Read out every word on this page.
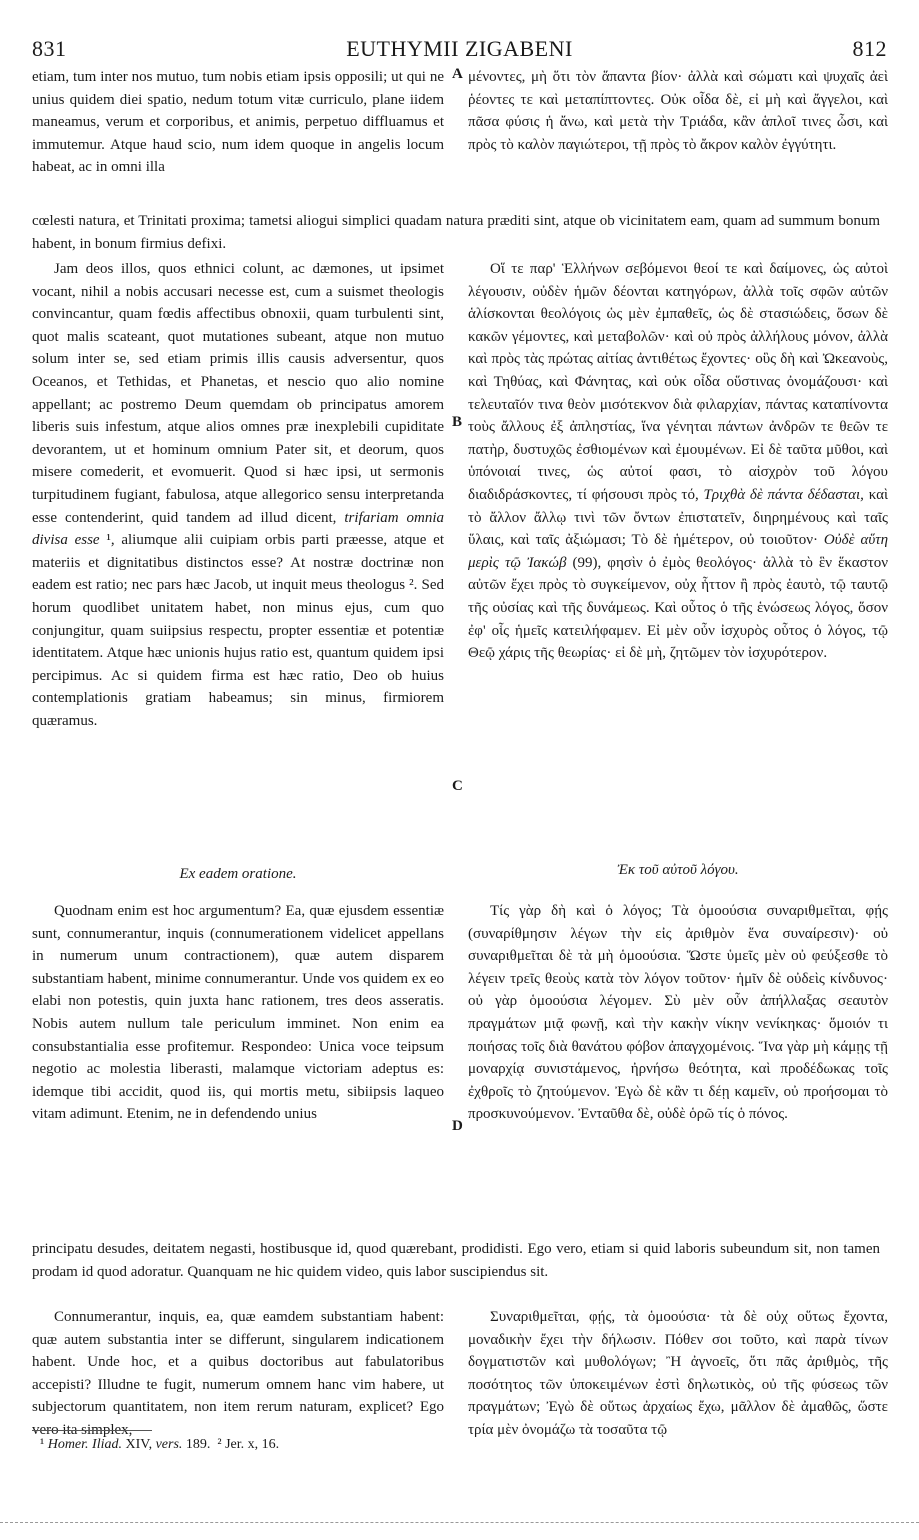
831	EUTHYMII ZIGABENI	812

etiam, tum inter nos mutuo, tum nobis etiam ipsis opposili; ut qui ne unius quidem diei spatio, nedum totum vitæ curriculo, plane iidem maneamus, verum et corporibus, et animis, perpetuo diffluamus et immutemur. Atque haud scio, num idem quoque in angelis locum habeat, ac in omni illa

A μένοντες, μὴ ὅτι τὸν ἅπαντα βίον· ἀλλὰ καὶ σώματι καὶ ψυχαῖς ἀεὶ ῥέοντες τε καὶ μεταπίπτοντες. Οὐκ οἶδα δὲ, εἰ μὴ καὶ ἄγγελοι, καὶ πᾶσα φύσις ἡ ἄνω, καὶ μετὰ τὴν Τριάδα, κἂν ἁπλοῖ τινες ὦσι, καὶ πρὸς τὸ καλὸν παγιώτεροι, τῇ πρὸς τὸ ἄκρον καλὸν ἐγγύτητι.

cœlesti natura, et Trinitati proxima; tametsi aliogui simplici quadam natura præditi sint, atque ob vicinitatem eam, quam ad summum bonum habent, in bonum firmius defixi.

Jam deos illos, quos ethnici colunt, ac dæmones, ut ipsimet vocant, nihil a nobis accusari necesse est, cum a suismet theologis convincantur, quam fœdis affectibus obnoxii, quam turbulenti sint, quot malis scateant, quot mutationes subeant, atque non mutuo solum inter se, sed etiam primis illis causis adversentur, quos Oceanos, et Tethidas, et Phanetas, et nescio quo alio nomine appellant; ac postremo Deum quemdam ob principatus amorem liberis suis infestum, atque alios omnes præ inexplebili cupiditate devorantem, ut et hominum omnium Pater sit, et deorum, quos misere comederit, et evomuerit. Quod si hæc ipsi, ut sermonis turpitudinem fugiant, fabulosa, atque allegorico sensu interpretanda esse contenderint, quid tandem ad illud dicent, trifariam omnia divisa esse ¹, aliumque alii cuipiam orbis parti præesse, atque et materiis et dignitatibus distinctos esse? At nostræ doctrinæ non eadem est ratio; nec pars hæc Jacob, ut inquit meus theologus ². Sed horum quodlibet unitatem habet, non minus ejus, cum quo conjungitur, quam suiipsius respectu, propter essentiæ et potentiæ identitatem. Atque hæc unionis hujus ratio est, quantum quidem ipsi percipimus. Ac si quidem firma est hæc ratio, Deo ob huius contemplationis gratiam habeamus; sin minus, firmiorem quæramus.

B
C

Οἵ τε παρ' Ἑλλήνων σεβόμενοι θεοί τε καὶ δαίμονες, ὡς αὐτοὶ λέγουσιν, οὐδὲν ἡμῶν δέονται κατηγόρων, ἀλλὰ τοῖς σφῶν αὐτῶν ἁλίσκονται θεολόγοις ὡς μὲν ἐμπαθεῖς, ὡς δὲ στασιώδεις, ὅσων δὲ κακῶν γέμοντες, καὶ μεταβολῶν· καὶ οὐ πρὸς ἀλλήλους μόνον, ἀλλὰ καὶ πρὸς τὰς πρώτας αἰτίας ἀντιθέτως ἔχοντες· οὓς δὴ καὶ Ὠκεανοὺς, καὶ Τηθύας, καὶ Φάνητας, καὶ οὐκ οἶδα οὕστινας ὀνομάζουσι· καὶ τελευταῖόν τινα θεὸν μισότεκνον διὰ φιλαρχίαν, πάντας καταπίνοντα τοὺς ἄλλους ἐξ ἀπληστίας, ἵνα γένηται πάντων ἀνδρῶν τε θεῶν τε πατὴρ, δυστυχῶς ἐσθιομένων καὶ ἐμουμένων. Εἰ δὲ ταῦτα μῦθοι, καὶ ὑπόνοιαί τινες, ὡς αὐτοί φασι, τὸ αἰσχρὸν τοῦ λόγου διαδιδράσκοντες, τί φήσουσι πρὸς τό, Τριχθὰ δὲ πάντα δέδασται, καὶ τὸ ἄλλον ἄλλῳ τινὶ τῶν ὄντων ἐπιστατεῖν, διηρημένους καὶ ταῖς ὕλαις, καὶ ταῖς ἀξιώμασι; Τὸ δὲ ἡμέτερον, οὐ τοιοῦτον· Οὐδὲ αὕτη μερὶς τῷ Ἰακώβ (99), φησὶν ὁ ἐμὸς θεολόγος· ἀλλὰ τὸ ἓν ἕκαστον αὐτῶν ἔχει πρὸς τὸ συγκείμενον, οὐχ ἧττον ἢ πρὸς ἑαυτὸ, τῷ ταυτῷ τῆς οὐσίας καὶ τῆς δυνάμεως. Καὶ οὗτος ὁ τῆς ἑνώσεως λόγος, ὅσον ἐφ' οἷς ἡμεῖς κατειλήφαμεν. Εἰ μὲν οὖν ἰσχυρὸς οὗτος ὁ λόγος, τῷ Θεῷ χάρις τῆς θεωρίας· εἰ δὲ μὴ, ζητῶμεν τὸν ἰσχυρότερον.

Ex eadem oratione.	Ἐκ τοῦ αὐτοῦ λόγου.

Quodnam enim est hoc argumentum? Ea, quæ ejusdem essentiæ sunt, connumerantur, inquis (connumerationem videlicet appellans in numerum unum contractionem), quæ autem disparem substantiam habent, minime connumerantur. Unde vos quidem ex eo elabi non potestis, quin juxta hanc rationem, tres deos asseratis. Nobis autem nullum tale periculum imminet. Non enim ea consubstantialia esse profitemur. Respondeo: Unica voce teipsum negotio ac molestia liberasti, malamque victoriam adeptus es: idemque tibi accidit, quod iis, qui mortis metu, sibiipsis laqueo vitam adimunt. Etenim, ne in defendendo unius

D

Τίς γὰρ δὴ καὶ ὁ λόγος; Τὰ ὁμοούσια συναριθμεῖται, φῄς (συναρίθμησιν λέγων τὴν εἰς ἀριθμὸν ἕνα συναίρεσιν)· οὐ συναριθμεῖται δὲ τὰ μὴ ὁμοούσια. Ὥστε ὑμεῖς μὲν οὐ φεύξεσθε τὸ λέγειν τρεῖς θεοὺς κατὰ τὸν λόγον τοῦτον· ἡμῖν δὲ οὐδεὶς κίνδυνος· οὐ γὰρ ὁμοούσια λέγομεν. Σὺ μὲν οὖν ἀπήλλαξας σεαυτὸν πραγμάτων μιᾷ φωνῇ, καὶ τὴν κακὴν νίκην νενίκηκας· ὅμοιόν τι ποιήσας τοῖς διὰ θανάτου φόβον ἀπαγχομένοις. Ἵνα γὰρ μὴ κάμῃς τῇ μοναρχίᾳ συνιστάμενος, ἠρνήσω θεότητα, καὶ προδέδωκας τοῖς ἐχθροῖς τὸ ζητούμενον. Ἐγὼ δὲ κἂν τι δέῃ καμεῖν, οὐ προήσομαι τὸ προσκυνούμενον. Ἐνταῦθα δὲ, οὐδὲ ὁρῶ τίς ὁ πόνος.

principatu desudes, deitatem negasti, hostibusque id, quod quærebant, prodidisti. Ego vero, etiam si quid laboris subeundum sit, non tamen prodam id quod adoratur. Quanquam ne hic quidem video, quis labor suscipiendus sit.

Connumerantur, inquis, ea, quæ eamdem substantiam habent: quæ autem substantia inter se differunt, singularem indicationem habent. Unde hoc, et a quibus doctoribus aut fabulatoribus accepisti? Illudne te fugit, numerum omnem hanc vim habere, ut subjectorum quantitatem, non item rerum naturam, explicet? Ego vero ita simplex,

Συναριθμεῖται, φῄς, τὰ ὁμοούσια· τὰ δὲ οὐχ οὕτως ἔχοντα, μοναδικὴν ἔχει τὴν δήλωσιν. Πόθεν σοι τοῦτο, καὶ παρὰ τίνων δογματιστῶν καὶ μυθολόγων; Ἢ ἀγνοεῖς, ὅτι πᾶς ἀριθμὸς, τῆς ποσότητος τῶν ὑποκειμένων ἐστὶ δηλωτικὸς, οὐ τῆς φύσεως τῶν πραγμάτων; Ἐγὼ δὲ οὕτως ἀρχαίως ἔχω, μᾶλλον δὲ ἀμαθῶς, ὥστε τρία μὲν ὀνομάζω τὰ τοσαῦτα τῷ

¹ Homer. Iliad. XIV, vers. 189. ² Jer. x, 16.
